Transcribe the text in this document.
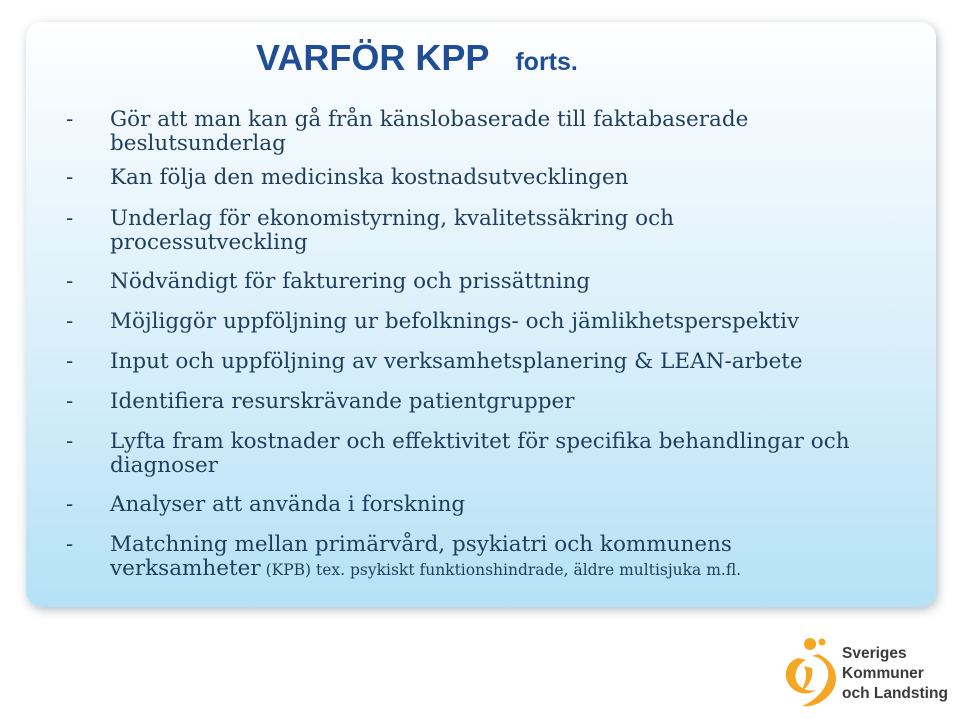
VARFÖR KPP forts.
- Gör att man kan gå från känslobaserade till faktabaserade
beslutsunderlag
- Kan följa den medicinska kostnadsutvecklingen
- Underlag för ekonomistyrning, kvalitetssäkring och
processutveckling
- Nödvändigt för fakturering och prissättning
- Möjliggör uppföljning ur befolknings- och jämlikhetsperspektiv
- Input och uppföljning av verksamhetsplanering & LEAN-arbete
- Identifiera resurskrävande patientgrupper
- Lyfta fram kostnader och effektivitet för specifika behandlingar och
diagnoser
- Analyser att använda i forskning
- Matchning mellan primärvård, psykiatri och kommunens
verksamheter (KPB) tex. psykiskt funktionshindrade, äldre multisjuka m.fl.

Sveriges
Kommuner
och Landsting
